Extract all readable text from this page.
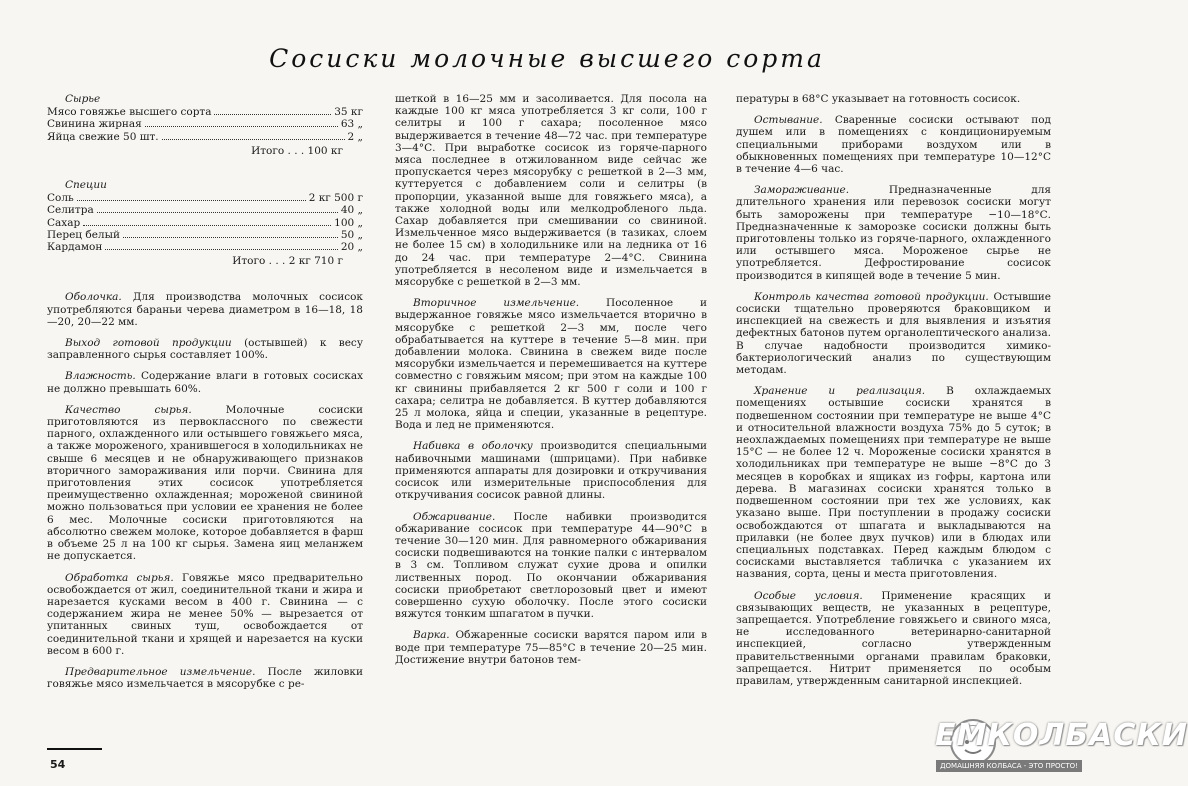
Сосиски молочные высшего сорта
Сырье
Мясо говяжье высшего сорта	35 кг
Свинина жирная	63 „
Яйца свежие 50 шт.	2 „
Итого . . . 100 кг
Специи
Соль	2 кг 500 г
Селитра	40 „
Сахар	100 „
Перец белый	50 „
Кардамон	20 „
Итого . . . 2 кг 710 г

Оболочка. Для производства молочных сосисок употребляются бараньи черева диаметром в 16—18, 18—20, 20—22 мм.

Выход готовой продукции (остывшей) к весу заправленного сырья составляет 100%.

Влажность. Содержание влаги в готовых сосисках не должно превышать 60%.

Качество сырья.	Молочные сосиски приготовляются из первоклассного по свежести парного, охлажденного или остывшего говяжьего мяса, а также мороженого, хранившегося в холодильниках не свыше 6 месяцев и не обнаруживающего признаков вторичного замораживания или порчи. Свинина для приготовления этих сосисок употребляется преимущественно охлажденная; мороженой свининой можно пользоваться при условии ее хранения не более 6 мес. Молочные сосиски приготовляются на абсолютно свежем молоке, которое добавляется в фарш в объеме 25 л на 100 кг сырья. Замена яиц меланжем не допускается.

Обработка сырья. Говяжье мясо предварительно освобождается от жил, соединительной ткани и жира и нарезается кусками весом в 400 г. Свинина — с содержанием жира не менее 50% — вырезается от упитанных свиных туш, освобождается от соединительной ткани и хрящей и нарезается на куски весом в 600 г.

Предварительное измельчение. После жиловки говяжье мясо измельчается в мясорубке с ре-

шеткой в 16—25 мм и засоливается. Для посола на каждые 100 кг мяса употребляется 3 кг соли, 100 г селитры и 100 г сахара; посоленное мясо выдерживается в течение 48—72 час. при температуре 3—4°С. При выработке сосисок из горяче-парного мяса последнее в отжилованном виде сейчас же пропускается через мясорубку с решеткой в 2—3 мм, куттеруется с добавлением соли и селитры (в пропорции, указанной выше для говяжьего мяса), а также холодной воды или мелкодробленого льда. Сахар добавляется при смешивании со свининой. Измельченное мясо выдерживается (в тазиках, слоем не более 15 см) в холодильнике или на ледника от 16 до 24 час. при температуре 2—4°С. Свинина употребляется в несоленом виде и измельчается в мясорубке с решеткой в 2—3 мм.

Вторичное измельчение.	Посоленное и выдержанное говяжье мясо измельчается вторично в мясорубке с решеткой 2—3 мм, после чего обрабатывается на куттере в течение 5—8 мин. при добавлении молока. Свинина в свежем виде после мясорубки измельчается и перемешивается на куттере совместно с говяжьим мясом; при этом на каждые 100 кг свинины прибавляется 2 кг 500 г соли и 100 г сахара; селитра не добавляется. В куттер добавляются 25 л молока, яйца и специи, указанные в рецептуре. Вода и лед не применяются.

Набивка в оболочку производится специальными набивочными машинами (шприцами). При набивке применяются аппараты для дозировки и откручивания сосисок или измерительные приспособления для откручивания сосисок равной длины.

Обжаривание. После набивки производится обжаривание сосисок при температуре 44—90°С в течение 30—120 мин. Для равномерного обжаривания сосиски подвешиваются на тонкие палки с интервалом в 3 см. Топливом служат сухие дрова и опилки лиственных пород. По окончании обжаривания сосиски приобретают светлорозовый цвет и имеют совершенно сухую оболочку. После этого сосиски вяжутся тонким шпагатом в пучки.

Варка. Обжаренные сосиски варятся паром или в воде при температуре 75—85°С в течение 20—25 мин. Достижение внутри батонов тем-

пературы в 68°С указывает на готовность сосисок.

Остывание. Сваренные сосиски остывают под душем или в помещениях с кондиционируемым специальными приборами воздухом или в обыкновенных помещениях при температуре 10—12°С в течение 4—6 час.

Замораживание.	Предназначенные для длительного хранения или перевозок сосиски могут быть заморожены при температуре −10—18°С. Предназначенные к заморозке сосиски должны быть приготовлены только из горяче-парного, охлажденного или остывшего мяса. Мороженое сырье не употребляется. Дефростирование сосисок производится в кипящей воде в течение 5 мин.

Контроль качества готовой продукции. Остывшие сосиски тщательно проверяются браковщиком и инспекцией на свежесть и для выявления и изъятия дефектных батонов путем органолептического анализа. В случае надобности производится химико-бактериологический анализ по существующим методам.

Хранение и реализация. В охлаждаемых помещениях остывшие сосиски хранятся в подвешенном состоянии при температуре не выше 4°С и относительной влажности воздуха 75% до 5 суток; в неохлаждаемых помещениях при температуре не выше 15°С — не более 12 ч. Мороженые сосиски хранятся в холодильниках при температуре не выше −8°С до 3 месяцев в коробках и ящиках из гофры, картона или дерева. В магазинах сосиски хранятся только в подвешенном состоянии при тех же условиях, как указано выше. При поступлении в продажу сосиски освобождаются от шпагата и выкладываются на прилавки (не более двух пучков) или в блюдах или специальных подставках. Перед каждым блюдом с сосисками выставляется табличка с указанием их названия, сорта, цены и места приготовления.

Особые условия. Применение красящих и связывающих веществ, не указанных в рецептуре, запрещается. Употребление говяжьего и свиного мяса, не исследованного ветеринарно-санитарной инспекцией, согласно утвержденным правительственными органами правилам браковки, запрещается. Нитрит применяется по особым правилам, утвержденным санитарной инспекцией.

54
ЕМКОЛБАСКИ
ДОМАШНЯЯ КОЛБАСА - ЭТО ПРОСТО!
